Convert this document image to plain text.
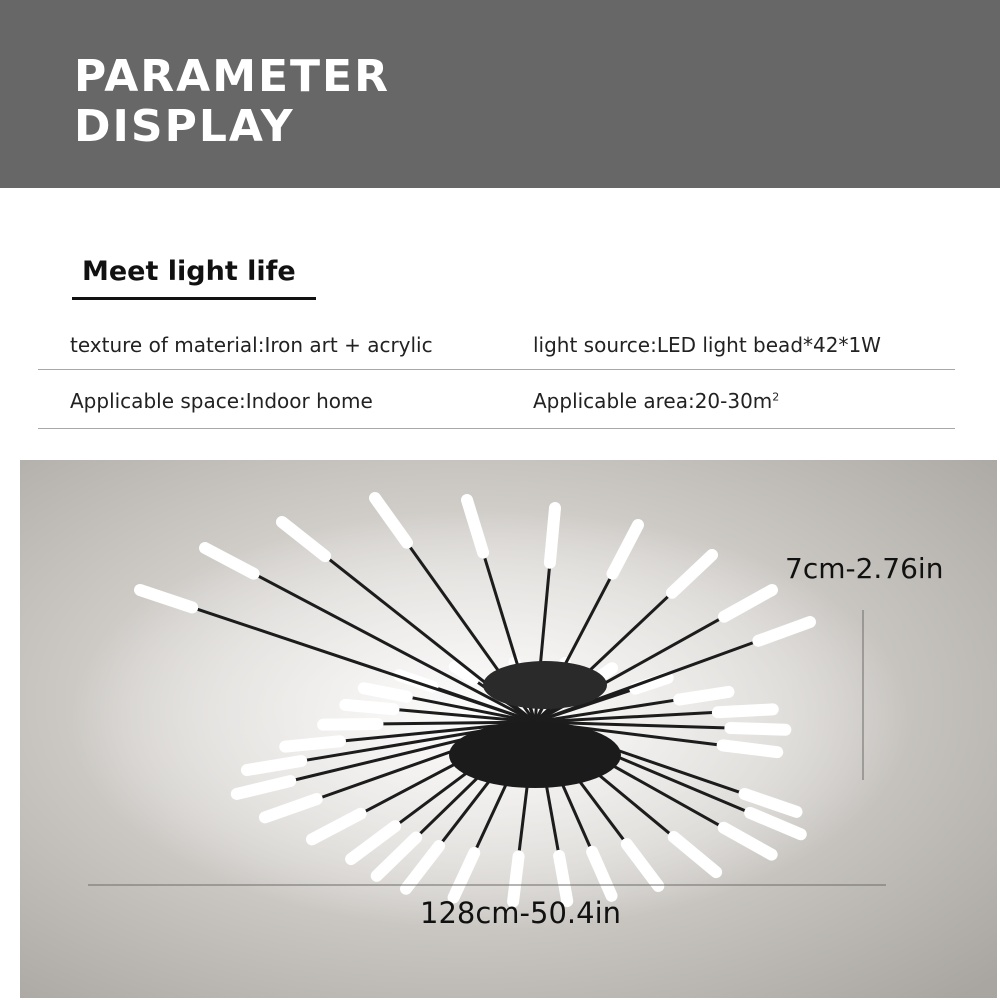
PARAMETER
DISPLAY
Meet light life
texture of material:Iron art + acrylic	light source:LED light bead*42*1W
Applicable space:Indoor home	Applicable $area:20-30m^2$
7cm-2.76in
128cm-50.4in
